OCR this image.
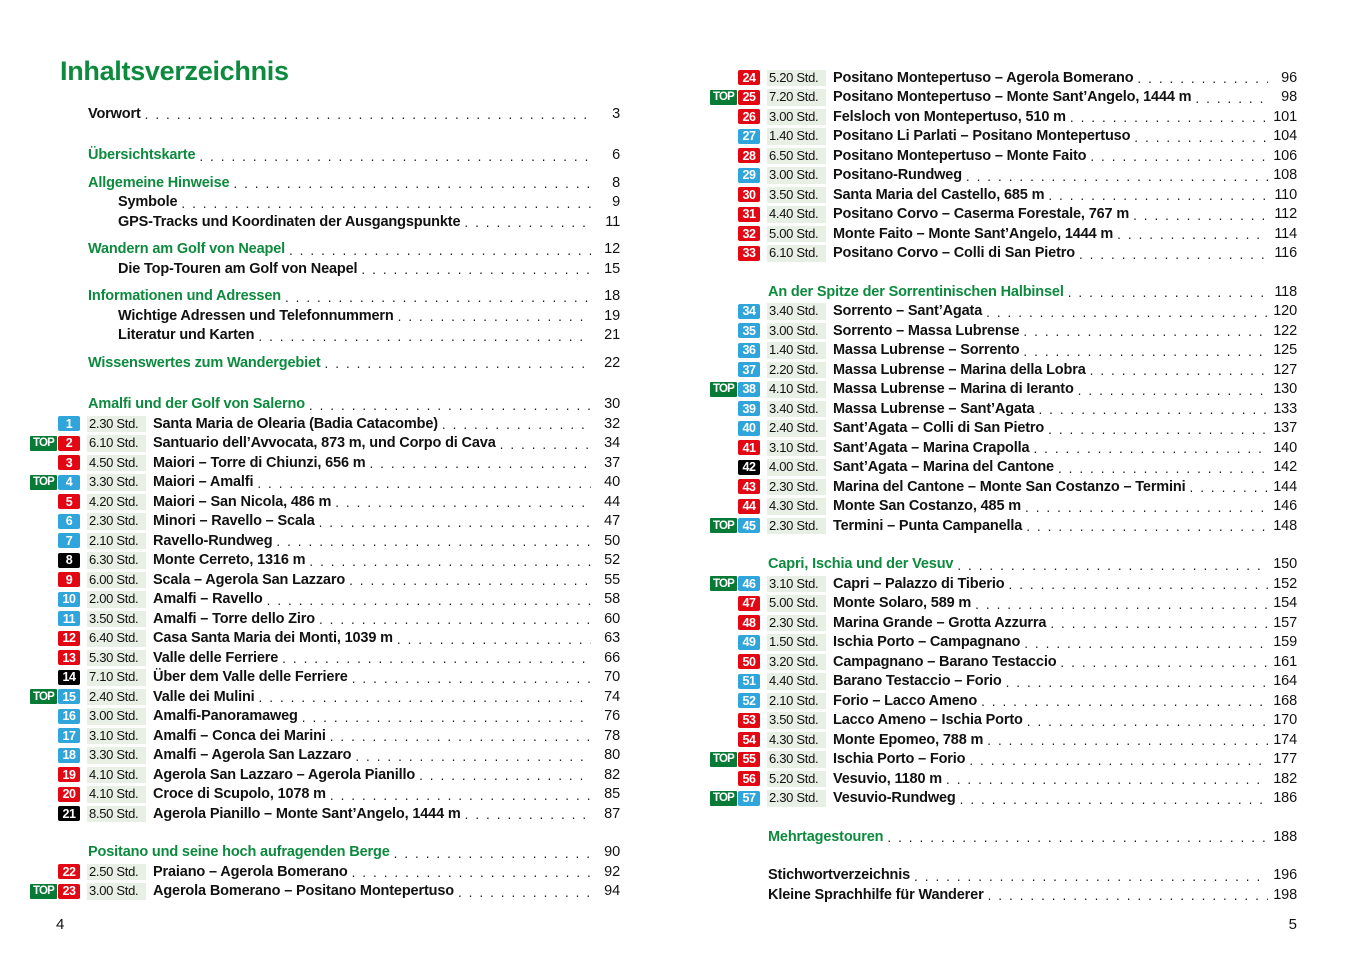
Inhaltsverzeichnis
Vorwort . . .	3
Übersichtskarte . . .	6
Allgemeine Hinweise . . .	8
Symbole . . .	9
GPS-Tracks und Koordinaten der Ausgangspunkte . . .	11
Wandern am Golf von Neapel . . .	12
Die Top-Touren am Golf von Neapel . . .	15
Informationen und Adressen . . .	18
Wichtige Adressen und Telefonnummern . . .	19
Literatur und Karten . . .	21
Wissenswertes zum Wandergebiet . . .	22
Amalfi und der Golf von Salerno . . .	30
1	2.30 Std.	Santa Maria de Olearia (Badia Catacombe) . . .	32
TOP 2	6.10 Std.	Santuario dell’Avvocata, 873 m, und Corpo di Cava . . .	34
3	4.50 Std.	Maiori – Torre di Chiunzi, 656 m . . .	37
TOP 4	3.30 Std.	Maiori – Amalfi . . .	40
5	4.20 Std.	Maiori – San Nicola, 486 m . . .	44
6	2.30 Std.	Minori – Ravello – Scala . . .	47
7	2.10 Std.	Ravello-Rundweg . . .	50
8	6.30 Std.	Monte Cerreto, 1316 m . . .	52
9	6.00 Std.	Scala – Agerola San Lazzaro . . .	55
10	2.00 Std.	Amalfi – Ravello . . .	58
11	3.50 Std.	Amalfi – Torre dello Ziro . . .	60
12	6.40 Std.	Casa Santa Maria dei Monti, 1039 m . . .	63
13	5.30 Std.	Valle delle Ferriere . . .	66
14	7.10 Std.	Über dem Valle delle Ferriere . . .	70
TOP 15	2.40 Std.	Valle dei Mulini . . .	74
16	3.00 Std.	Amalfi-Panoramaweg . . .	76
17	3.10 Std.	Amalfi – Conca dei Marini . . .	78
18	3.30 Std.	Amalfi – Agerola San Lazzaro . . .	80
19	4.10 Std.	Agerola San Lazzaro – Agerola Pianillo . . .	82
20	4.10 Std.	Croce di Scupolo, 1078 m . . .	85
21	8.50 Std.	Agerola Pianillo – Monte Sant’Angelo, 1444 m . . .	87
Positano und seine hoch aufragenden Berge . . .	90
22	2.50 Std.	Praiano – Agerola Bomerano . . .	92
TOP 23	3.00 Std.	Agerola Bomerano – Positano Montepertuso . . .	94
24	5.20 Std.	Positano Montepertuso – Agerola Bomerano . . .	96
TOP 25	7.20 Std.	Positano Montepertuso – Monte Sant’Angelo, 1444 m . . .	98
26	3.00 Std.	Felsloch von Montepertuso, 510 m . . .	101
27	1.40 Std.	Positano Li Parlati – Positano Montepertuso . . .	104
28	6.50 Std.	Positano Montepertuso – Monte Faito . . .	106
29	3.00 Std.	Positano-Rundweg . . .	108
30	3.50 Std.	Santa Maria del Castello, 685 m . . .	110
31	4.40 Std.	Positano Corvo – Caserma Forestale, 767 m . . .	112
32	5.00 Std.	Monte Faito – Monte Sant’Angelo, 1444 m . . .	114
33	6.10 Std.	Positano Corvo – Colli di San Pietro . . .	116
An der Spitze der Sorrentinischen Halbinsel . . .	118
34	3.40 Std.	Sorrento – Sant’Agata . . .	120
35	3.00 Std.	Sorrento – Massa Lubrense . . .	122
36	1.40 Std.	Massa Lubrense – Sorrento . . .	125
37	2.20 Std.	Massa Lubrense – Marina della Lobra . . .	127
TOP 38	4.10 Std.	Massa Lubrense – Marina di Ieranto . . .	130
39	3.40 Std.	Massa Lubrense – Sant’Agata . . .	133
40	2.40 Std.	Sant’Agata – Colli di San Pietro . . .	137
41	3.10 Std.	Sant’Agata – Marina Crapolla . . .	140
42	4.00 Std.	Sant’Agata – Marina del Cantone . . .	142
43	2.30 Std.	Marina del Cantone – Monte San Costanzo – Termini . . .	144
44	4.30 Std.	Monte San Costanzo, 485 m . . .	146
TOP 45	2.30 Std.	Termini – Punta Campanella . . .	148
Capri, Ischia und der Vesuv . . .	150
TOP 46	3.10 Std.	Capri – Palazzo di Tiberio . . .	152
47	5.00 Std.	Monte Solaro, 589 m . . .	154
48	2.30 Std.	Marina Grande – Grotta Azzurra . . .	157
49	1.50 Std.	Ischia Porto – Campagnano . . .	159
50	3.20 Std.	Campagnano – Barano Testaccio . . .	161
51	4.40 Std.	Barano Testaccio – Forio . . .	164
52	2.10 Std.	Forio – Lacco Ameno . . .	168
53	3.50 Std.	Lacco Ameno – Ischia Porto . . .	170
54	4.30 Std.	Monte Epomeo, 788 m . . .	174
TOP 55	6.30 Std.	Ischia Porto – Forio . . .	177
56	5.20 Std.	Vesuvio, 1180 m . . .	182
TOP 57	2.30 Std.	Vesuvio-Rundweg . . .	186
Mehrtagestouren . . .	188
Stichwortverzeichnis . . .	196
Kleine Sprachhilfe für Wanderer . . .	198
4	5
